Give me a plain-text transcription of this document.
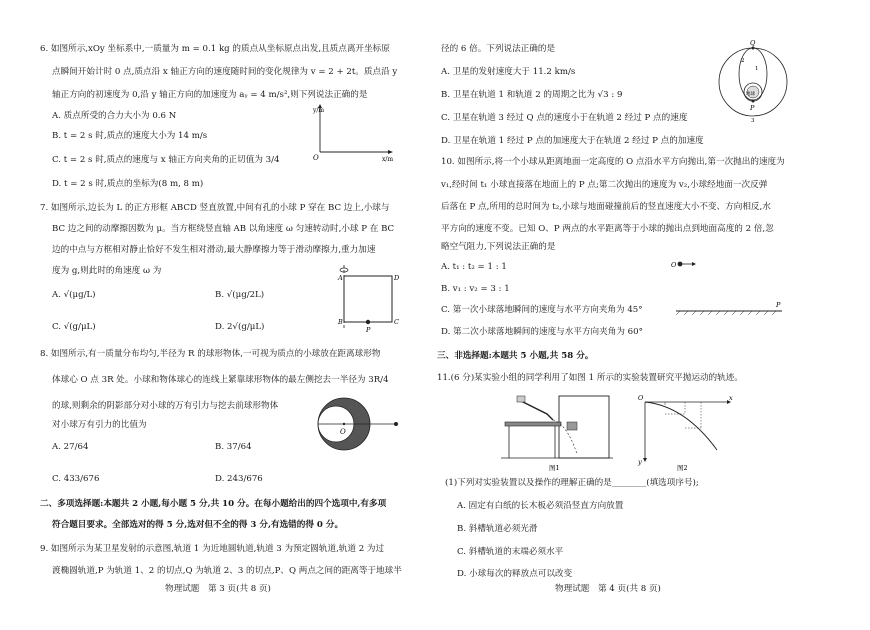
6. 如图所示,xOy 坐标系中,一质量为 m = 0.1 kg 的质点从坐标原点出发,且质点离开坐标原
点瞬间开始计时 0 点,质点沿 x 轴正方向的速度随时间的变化规律为 v = 2 + 2t。质点沿 y
轴正方向的初速度为 0,沿 y 轴正方向的加速度为 aᵧ = 4 m/s²,则下列说法正确的是
A. 质点所受的合力大小为 0.6 N
B. t = 2 s 时,质点的速度大小为 14 m/s
C. t = 2 s 时,质点的速度与 x 轴正方向夹角的正切值为 3/4
D. t = 2 s 时,质点的坐标为(8 m, 8 m)
y/m
O	x/m
7. 如图所示,边长为 L 的正方形框 ABCD 竖直放置,中间有孔的小球 P 穿在 BC 边上,小球与
BC 边之间的动摩擦因数为 μ。当方框绕竖直轴 AB 以角速度 ω 匀速转动时,小球 P 在 BC
边的中点与方框相对静止恰好不发生相对滑动,最大静摩擦力等于滑动摩擦力,重力加速
度为 g,则此时的角速度 ω 为
A. √(μg/L)	B. √(μg/2L)
C. √(g/μL)	D. 2√(g/μL)
A	D
B	C
P
8. 如图所示,有一质量分布均匀,半径为 R 的球形物体,一可视为质点的小球放在距离球形物
体球心 O 点 3R 处。小球和物体球心的连线上紧靠球形物体的最左侧挖去一半径为 3R/4
的球,则剩余的阴影部分对小球的万有引力与挖去前球形物体
对小球万有引力的比值为
A. 27/64	B. 37/64
C. 433/676	D. 243/676
O
二、多项选择题:本题共 2 小题,每小题 5 分,共 10 分。在每小题给出的四个选项中,有多项
符合题目要求。全部选对的得 5 分,选对但不全的得 3 分,有选错的得 0 分。
9. 如图所示为某卫星发射的示意图,轨道 1 为近地圆轨道,轨道 3 为预定圆轨道,轨道 2 为过
渡椭圆轨道,P 为轨道 1、2 的切点,Q 为轨道 2、3 的切点,P、Q 两点之间的距离等于地球半
物理试题　第 3 页(共 8 页)
径的 6 倍。下列说法正确的是
A. 卫星的发射速度大于 11.2 km/s
B. 卫星在轨道 1 和轨道 2 的周期之比为 √3 : 9
C. 卫星在轨道 3 经过 Q 点的速度小于在轨道 2 经过 P 点的速度
D. 卫星在轨道 1 经过 P 点的加速度大于在轨道 2 经过 P 点的加速度
Q
P
地球
1
2
3
10. 如图所示,将一个小球从距离地面一定高度的 O 点沿水平方向抛出,第一次抛出的速度为
v₁,经时间 t₁ 小球直接落在地面上的 P 点;第二次抛出的速度为 v₂,小球经地面一次反弹
后落在 P 点,所用的总时间为 t₂,小球与地面碰撞前后的竖直速度大小不变、方向相反,水
平方向的速度不变。已知 O、P 两点的水平距离等于小球的抛出点到地面高度的 2 倍,忽
略空气阻力,下列说法正确的是
A. t₁ : t₂ = 1 : 1
B. v₁ : v₂ = 3 : 1
C. 第一次小球落地瞬间的速度与水平方向夹角为 45°
D. 第二次小球落地瞬间的速度与水平方向夹角为 60°
O
P
三、非选择题:本题共 5 小题,共 58 分。
11.(6 分)某实验小组的同学利用了如图 1 所示的实验装置研究平抛运动的轨迹。
图1
O	x
y
图2
(1)下列对实验装置以及操作的理解正确的是________(填选项序号);
A. 固定有白纸的长木板必须沿竖直方向放置
B. 斜槽轨道必须光滑
C. 斜槽轨道的末端必须水平
D. 小球每次的释放点可以改变
物理试题　第 4 页(共 8 页)
